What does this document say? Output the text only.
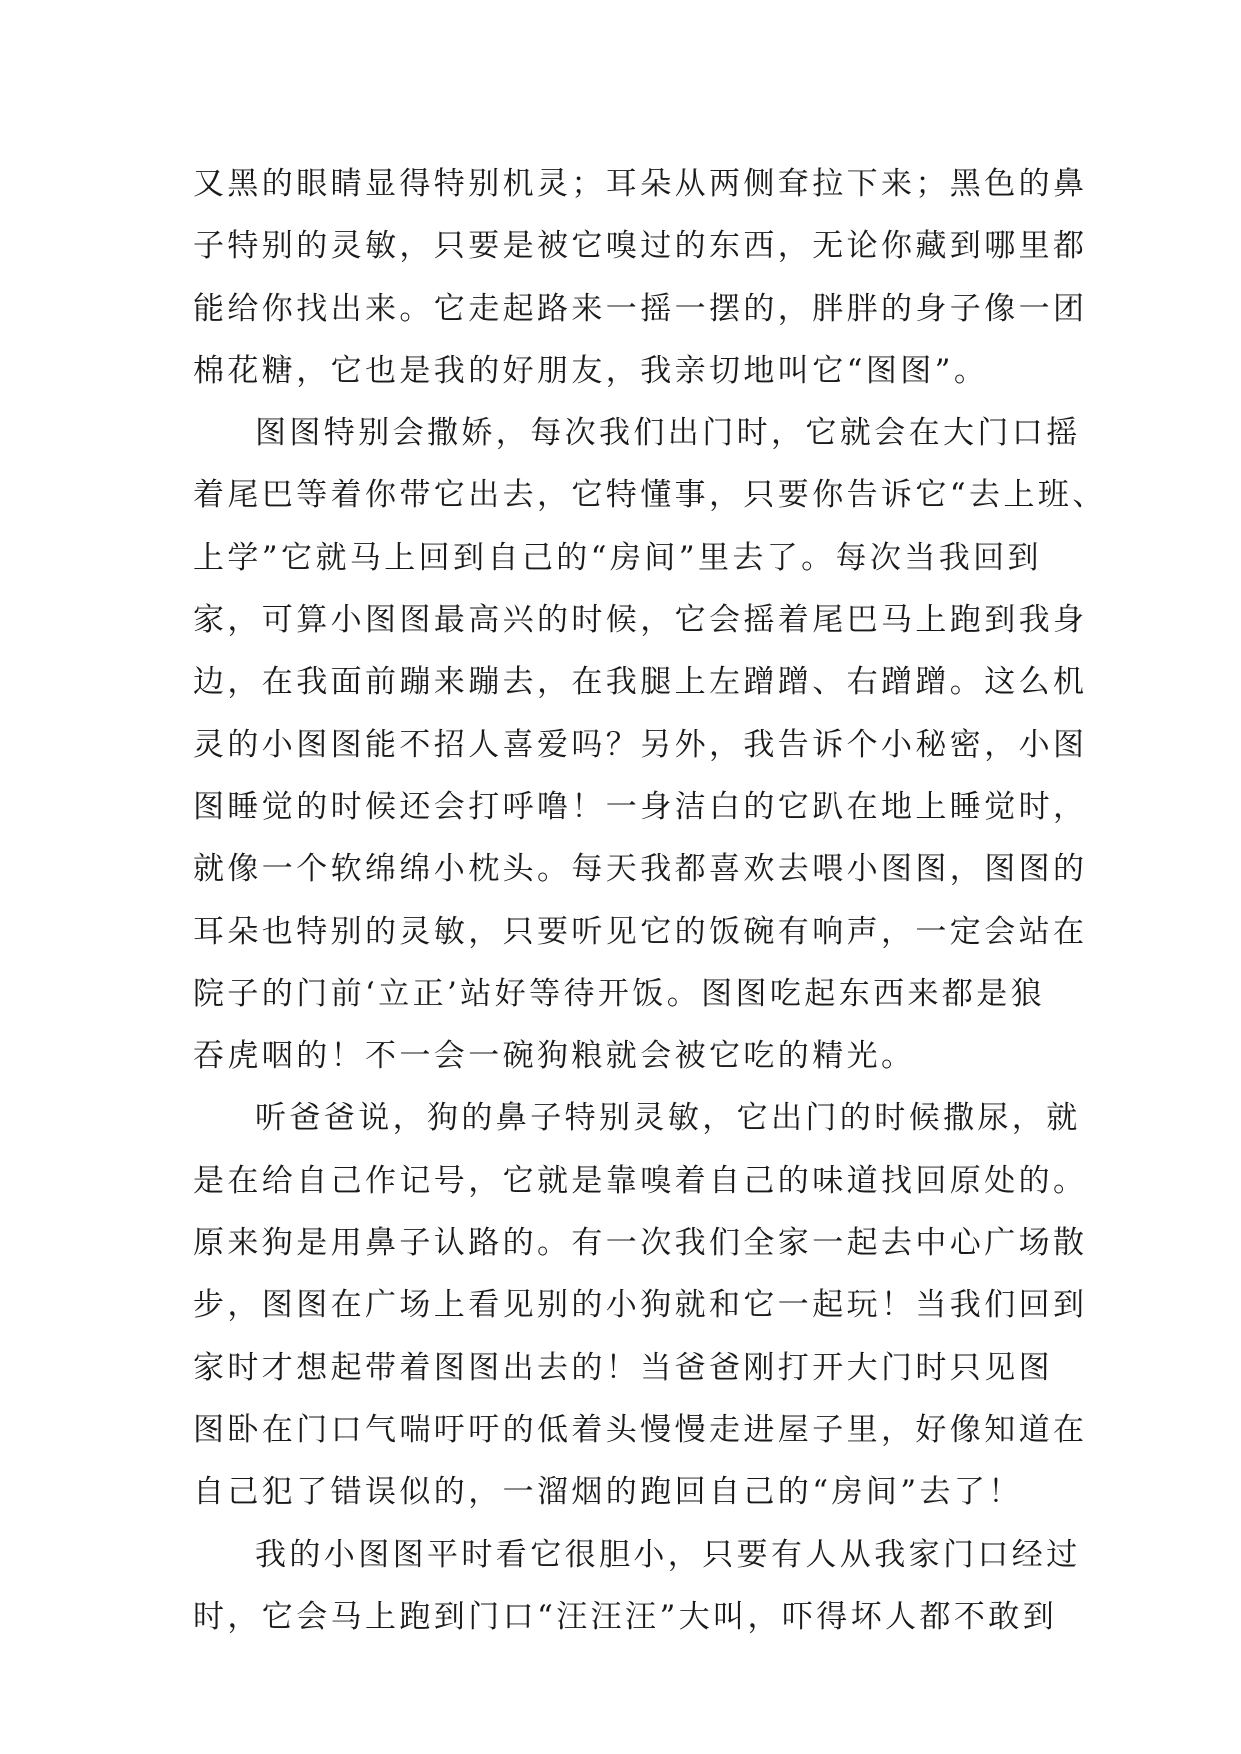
又黑的眼睛显得特别机灵；耳朵从两侧耷拉下来；黑色的鼻
子特别的灵敏，只要是被它嗅过的东西，无论你藏到哪里都
能给你找出来。它走起路来一摇一摆的，胖胖的身子像一团
棉花糖，它也是我的好朋友，我亲切地叫它“图图”。
图图特别会撒娇，每次我们出门时，它就会在大门口摇
着尾巴等着你带它出去，它特懂事，只要你告诉它“去上班、
上学”它就马上回到自己的“房间”里去了。每次当我回到
家，可算小图图最高兴的时候，它会摇着尾巴马上跑到我身
边，在我面前蹦来蹦去，在我腿上左蹭蹭、右蹭蹭。这么机
灵的小图图能不招人喜爱吗？另外，我告诉个小秘密，小图
图睡觉的时候还会打呼噜！一身洁白的它趴在地上睡觉时，
就像一个软绵绵小枕头。每天我都喜欢去喂小图图，图图的
耳朵也特别的灵敏，只要听见它的饭碗有响声，一定会站在
院子的门前‘立正’站好等待开饭。图图吃起东西来都是狼
吞虎咽的！不一会一碗狗粮就会被它吃的精光。
听爸爸说，狗的鼻子特别灵敏，它出门的时候撒尿，就
是在给自己作记号，它就是靠嗅着自己的味道找回原处的。
原来狗是用鼻子认路的。有一次我们全家一起去中心广场散
步，图图在广场上看见别的小狗就和它一起玩！当我们回到
家时才想起带着图图出去的！当爸爸刚打开大门时只见图
图卧在门口气喘吁吁的低着头慢慢走进屋子里，好像知道在
自己犯了错误似的，一溜烟的跑回自己的“房间”去了！
我的小图图平时看它很胆小，只要有人从我家门口经过
时，它会马上跑到门口“汪汪汪”大叫，吓得坏人都不敢到
